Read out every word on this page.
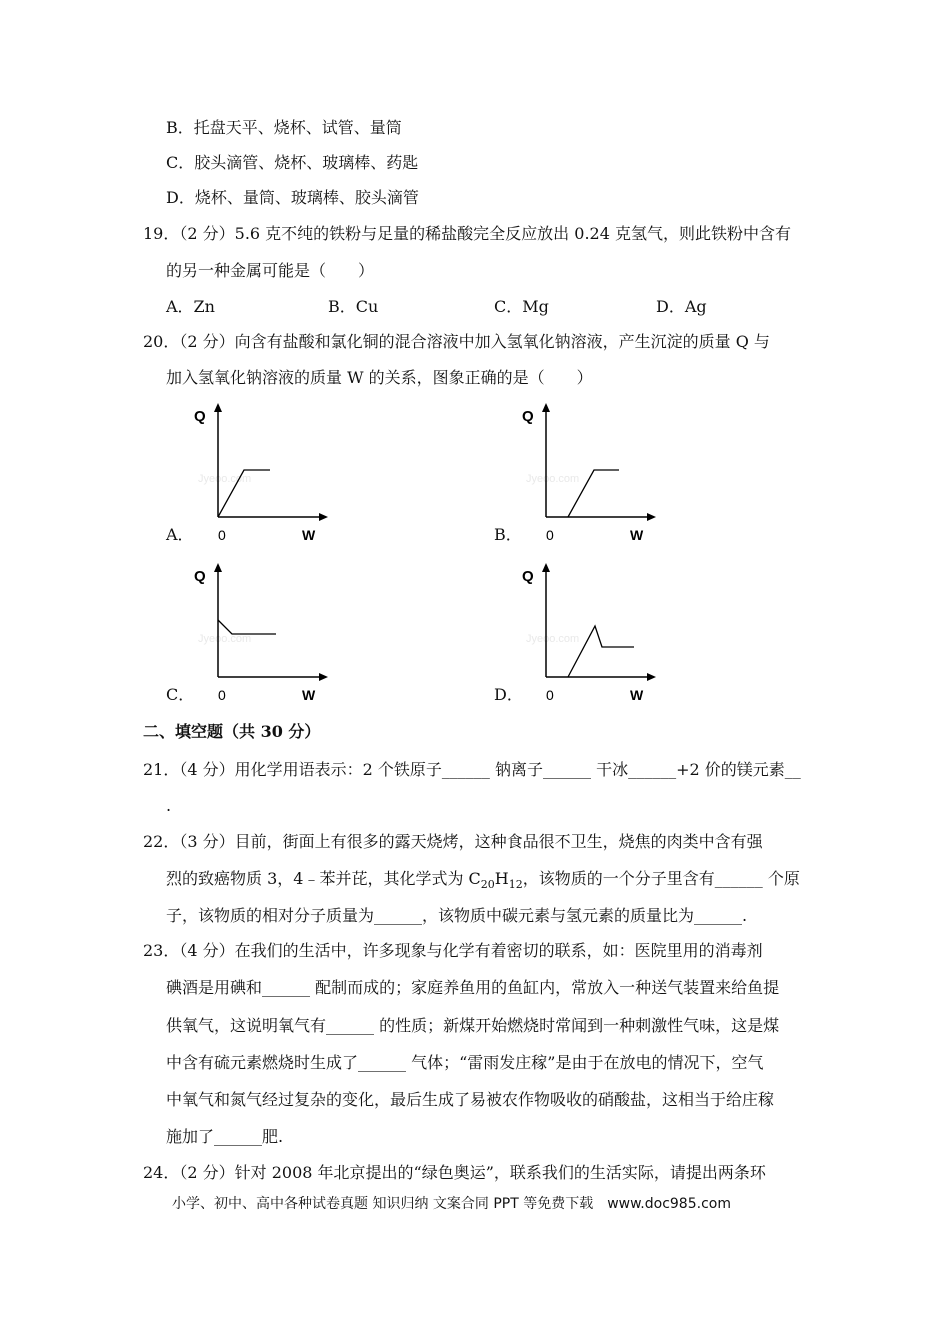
B．托盘天平、烧杯、试管、量筒
C．胶头滴管、烧杯、玻璃棒、药匙
D．烧杯、量筒、玻璃棒、胶头滴管
19．（2 分）5.6 克不纯的铁粉与足量的稀盐酸完全反应放出 0.24 克氢气，则此铁粉中含有
的另一种金属可能是（　　）
A．Zn	B．Cu	C．Mg	D．Ag
20．（2 分）向含有盐酸和氯化铜的混合溶液中加入氢氧化钠溶液，产生沉淀的质量 Q 与
加入氢氧化钠溶液的质量 W 的关系，图象正确的是（　　）
A．
Jyeoo.com
Q
0	W	B．
Jyeoo.com
Q
0	W
C．
Jyeoo.com
Q
0	W	D．
Jyeoo.com
Q
0	W
二、填空题（共 30 分）
21．（4 分）用化学用语表示：2 个铁原子______ 钠离子______ 干冰______+2 价的镁元素__
.
22．（3 分）目前，街面上有很多的露天烧烤，这种食品很不卫生，烧焦的肉类中含有强
烈的致癌物质 3，4﹣苯并芘，其化学式为 $C_{20}H_{12}$，该物质的一个分子里含有______ 个原
子，该物质的相对分子质量为______，该物质中碳元素与氢元素的质量比为______.
23．（4 分）在我们的生活中，许多现象与化学有着密切的联系，如：医院里用的消毒剂
碘酒是用碘和______ 配制而成的；家庭养鱼用的鱼缸内，常放入一种送气装置来给鱼提
供氧气，这说明氧气有______ 的性质；新煤开始燃烧时常闻到一种刺激性气味，这是煤
中含有硫元素燃烧时生成了______ 气体；“雷雨发庄稼”是由于在放电的情况下，空气
中氧气和氮气经过复杂的变化，最后生成了易被农作物吸收的硝酸盐，这相当于给庄稼
施加了______肥.
24．（2 分）针对 2008 年北京提出的“绿色奥运”，联系我们的生活实际，请提出两条环
小学、初中、高中各种试卷真题 知识归纳 文案合同 PPT 等免费下载　www.doc985.com
